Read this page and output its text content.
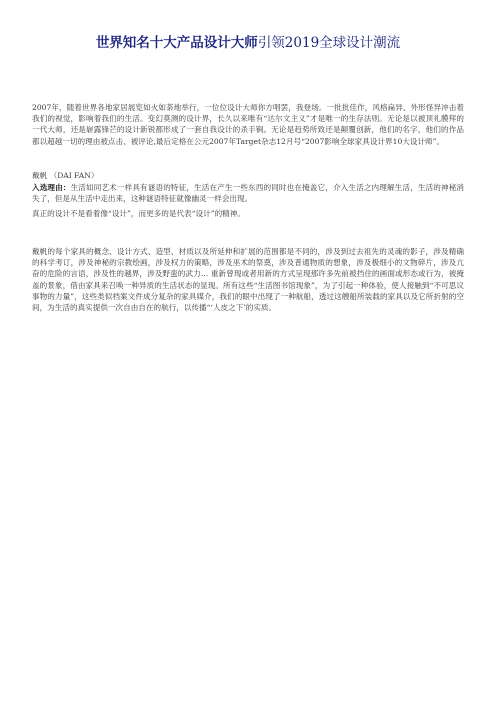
世界知名十大产品设计大师引领2019全球设计潮流
2007年，随着世界各地家居展览如火如荼地举行，一位位设计大师你方唱罢，我登场。一批批佳作，风格扁异、外形怪异冲击着我们的视觉，影响着我们的生活。变幻莫测的设计界，长久以来唯有“达尔文主义”才是唯一的生存法则。无论是以被顶礼膜拜的一代大师，还是崭露锋芒的设计新锐都形成了一套自我设计的杀手锏。无论是趋势所致还是颠覆创新，他们的名字，他们的作品都以超越一切的理由被点击、被评论,最后定格在公元2007年Target杂志12月号“2007影响全球家具设计界10大设计师”。
戴帆 （DAI FAN）
入选理由：生活如同艺术一样具有谜语的特征，生活在产生一些东西的同时也在掩盖它，介入生活之内理解生活，生活的神秘消失了，但是从生活中走出来，这种谜语特征就像幽灵一样会出现。
真正的设计不是看着像“设计”，而更多的是代表“设计”的精神。
戴帆的每个家具的概念、设计方式、造型、材质以及所延伸和扩展的范围都是不同的，涉及到过去祖先的灵魂的影子，涉及精确的科学考订，涉及神秘的宗教绘画，涉及权力的策略，涉及巫术的祭奠，涉及普通物质的想象，涉及极细小的文物碎片，涉及亢奋的危险的言语，涉及性的越界，涉及野蛮的武力… 重新曾现或者用新的方式呈现那许多先前被挡住的画面或形态或行为，被掩盖的景象，借由家具来召唤一种异质的生活状态的显现。所有这些“生活图书馆现象”，为了引起一种体验，使人接触到“不可思议事物的力量”，这些类似档案文件成分复杂的家具媒介，我们的眼中出现了一种航船，透过这艘船所装载的家具以及它所折射的空间，为生活的真实提供一次自由自在的航行，以传播“‘人皮之下’的实质。
